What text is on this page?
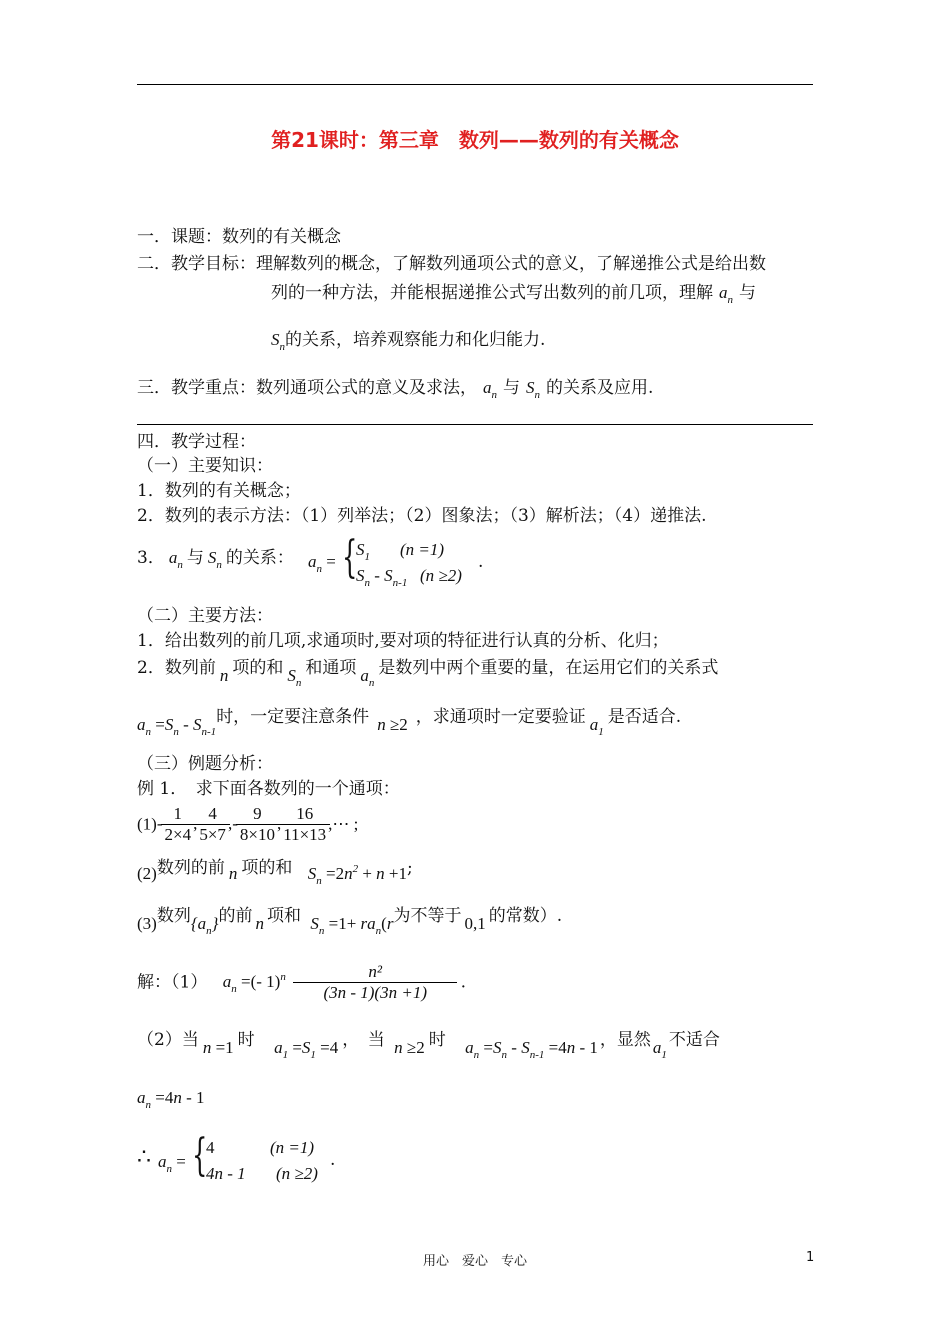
第21课时：第三章　数列——数列的有关概念
一．课题：数列的有关概念
二．教学目标：理解数列的概念，了解数列通项公式的意义，了解递推公式是给出数
列的一种方法，并能根据递推公式写出数列的前几项，理解 $a_n$ 与
$S_n$的关系，培养观察能力和化归能力.
三．教学重点：数列通项公式的意义及求法， $a_n$ 与 $S_n$ 的关系及应用.
四．教学过程：
（一）主要知识：
1．数列的有关概念；
2．数列的表示方法：（1）列举法；（2）图象法；（3）解析法；（4）递推法.
3． $a_n$ 与 $S_n$ 的关系： $a_n$ = {
$S_1$ (n =1)
$S_n - S_{n-1}$ (n ≥2)
.
（二）主要方法：
1．给出数列的前几项,求通项时,要对项的特征进行认真的分析、化归；
2．数列前 n 项的和 $S_n$和通项 $a_n$是数列中两个重要的量，在运用它们的关系式
$a_n =S_n - S_{n-1}$时，一定要注意条件 n ≥2 ，求通项时一定要验证 $a_1$是否适合.
（三）例题分析：
例 1．　求下面各数列的一个通项：
$(1)- \frac{1}{2\times 4}$ , $\frac{4}{5\times 7}$ ,- $\frac{9}{8\times 10}$ , $\frac{16}{11\times 13}$ ,⋯ ;
(2)数列的前 n 项的和 $S_n =2n^2 + n +1$;
(3)数列$\{a_n\}$的前 n 项和 $S_n =1+ ra_n(r$为不等于 0,1 的常数）.
解：（1） $a_n$ =(- $1)^n \frac{\text{n²}}{(3n - 1)(3n +1)}$ .
（2）当 n =1 时 $a_1 =S_1 =4$ ，　当 n ≥2 时 $a_n =S_n - S_{n-1} =4n - 1$ ，显然 $a_1$不适合
$a_n =4n - 1$
∴ $a_n$ = {
4	(n =1)
4n - 1 (n ≥2)
.
用心　爱心　专心	1
